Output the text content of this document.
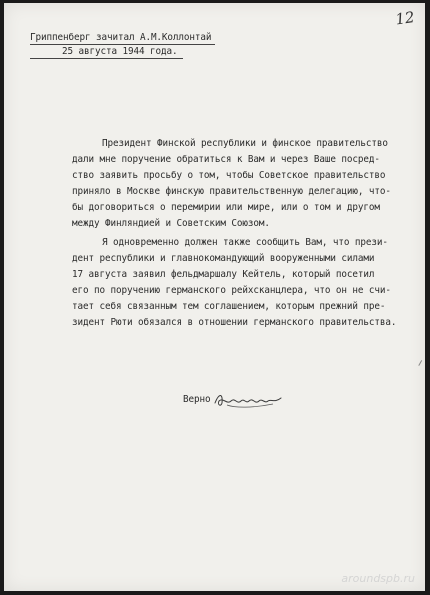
12
Гриппенберг зачитал А.М.Коллонтай
25 августа 1944 года.

Президент Финской республики и финское правительство
дали мне поручение обратиться к Вам и через Ваше посред-
ство заявить просьбу о том, чтобы Советское правительство
приняло в Москве финскую правительственную делегацию, что-
бы договориться о перемирии или мире, или о том и другом
между Финляндией и Советским Союзом.

Я одновременно должен также сообщить Вам, что прези-
дент республики и главнокомандующий вооруженными силами
17 августа заявил фельдмаршалу Кейтель, который посетил
его по поручению германского рейхсканцлера, что он не счи-
тает себя связанным тем соглашением, которым прежний пре-
зидент Рюти обязался в отношении германского правительства.

Верно
aroundspb.ru
